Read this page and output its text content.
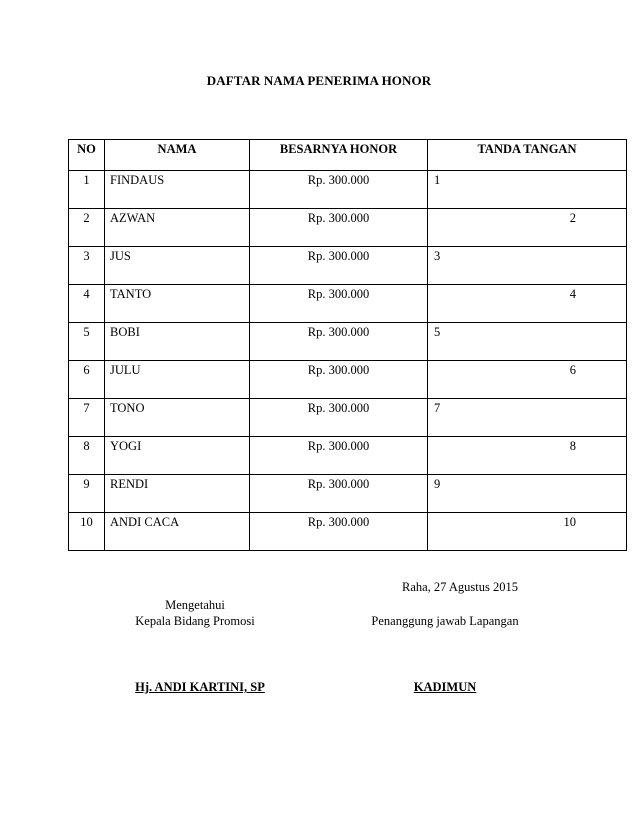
DAFTAR NAMA PENERIMA HONOR
NO	NAMA	BESARNYA HONOR	TANDA TANGAN
1	FINDAUS	Rp. 300.000	1
2	AZWAN	Rp. 300.000	2
3	JUS	Rp. 300.000	3
4	TANTO	Rp. 300.000	4
5	BOBI	Rp. 300.000	5
6	JULU	Rp. 300.000	6
7	TONO	Rp. 300.000	7
8	YOGI	Rp. 300.000	8
9	RENDI	Rp. 300.000	9
10	ANDI CACA	Rp. 300.000	10
Raha, 27 Agustus 2015
Mengetahui
Kepala Bidang Promosi
Hj. ANDI KARTINI, SP
Penanggung jawab Lapangan
KADIMUN
